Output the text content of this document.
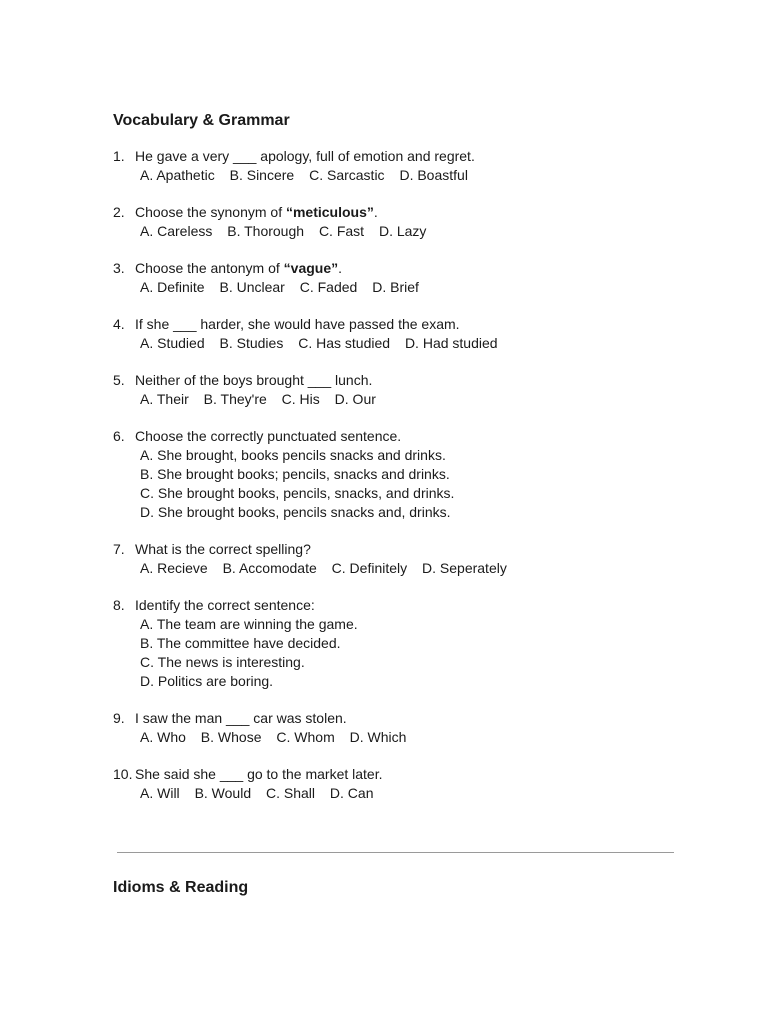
Vocabulary & Grammar
1. He gave a very ___ apology, full of emotion and regret.
A. Apathetic B. Sincere C. Sarcastic D. Boastful
2. Choose the synonym of “meticulous”.
A. Careless B. Thorough C. Fast D. Lazy
3. Choose the antonym of “vague”.
A. Definite B. Unclear C. Faded D. Brief
4. If she ___ harder, she would have passed the exam.
A. Studied B. Studies C. Has studied D. Had studied
5. Neither of the boys brought ___ lunch.
A. Their B. They're C. His D. Our
6. Choose the correctly punctuated sentence.
A. She brought, books pencils snacks and drinks.
B. She brought books; pencils, snacks and drinks.
C. She brought books, pencils, snacks, and drinks.
D. She brought books, pencils snacks and, drinks.
7. What is the correct spelling?
A. Recieve B. Accomodate C. Definitely D. Seperately
8. Identify the correct sentence:
A. The team are winning the game.
B. The committee have decided.
C. The news is interesting.
D. Politics are boring.
9. I saw the man ___ car was stolen.
A. Who B. Whose C. Whom D. Which
10. She said she ___ go to the market later.
A. Will B. Would C. Shall D. Can
Idioms & Reading
